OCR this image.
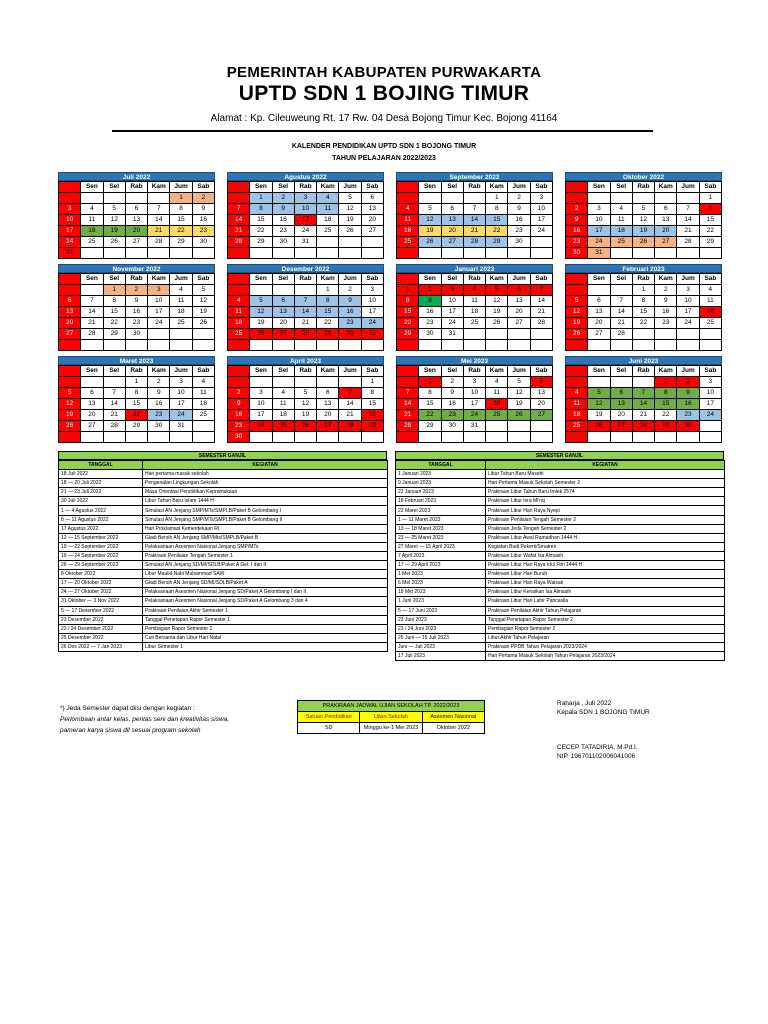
PEMERINTAH KABUPATEN PURWAKARTA
UPTD SDN 1 BOJING TIMUR
Alamat : Kp. Cileuweung Rt. 17 Rw. 04 Desa Bojong Timur Kec. Bojong 41164
KALENDER PENDIDIKAN UPTD SDN 1 BOJONG TIMUR
TAHUN PELAJARAN 2022/2023
Juli 2022
Min	Sen	Sel	Rab	Kam	Jum	Sab
					1	2
3	4	5	6	7	8	9
10	11	12	13	14	15	16
17	18	19	20	21	22	23
24	25	26	27	28	29	30
31						
Agustus 2022
Min	Sen	Sel	Rab	Kam	Jum	Sab
	1	2	3	4	5	6
7	8	9	10	11	12	13
14	15	16	17	18	19	20
21	22	23	24	25	26	27
28	29	30	31			

September 2022
Min	Sen	Sel	Rab	Kam	Jum	Sab
				1	2	3
4	5	6	7	8	9	10
11	12	13	14	15	16	17
18	19	20	21	22	23	24
25	26	27	28	29	30	

Oktober 2022
Min	Sen	Sel	Rab	Kam	Jum	Sab
						1
2	3	4	5	6	7	8
9	10	11	12	13	14	15
16	17	18	19	20	21	22
23	24	25	26	27	28	29
30	31					
November 2022
Min	Sen	Sel	Rab	Kam	Jum	Sab
		1	2	3	4	5
6	7	8	9	10	11	12
13	14	15	16	17	18	19
20	21	22	23	24	25	26
27	28	29	30			

Desember 2022
Min	Sen	Sel	Rab	Kam	Jum	Sab
				1	2	3
4	5	6	7	8	9	10
11	12	13	14	15	16	17
18	19	20	21	22	23	24
25	26	27	28	29	30	31

Januari 2023
Min	Sen	Sel	Rab	Kam	Jum	Sab
1	2	3	4	5	6	7
8	9	10	11	12	13	14
15	16	17	18	19	20	21
22	23	24	25	26	27	28
29	30	31				

Februari 2023
Min	Sen	Sel	Rab	Kam	Jum	Sab
			1	2	3	4
5	6	7	8	9	10	11
12	13	14	15	16	17	18
19	20	21	22	23	24	25
26	27	28				

Maret 2023
Min	Sen	Sel	Rab	Kam	Jum	Sab
			1	2	3	4
5	6	7	8	9	10	11
12	13	14	15	16	17	18
19	20	21	22	23	24	25
26	27	28	29	30	31	

April 2023
Min	Sen	Sel	Rab	Kam	Jum	Sab
						1
2	3	4	5	6	7	8
9	10	11	12	13	14	15
16	17	18	19	20	21	22
23	24	25	26	27	28	29
30						
Mei 2023
Min	Sen	Sel	Rab	Kam	Jum	Sab
	1	2	3	4	5	6
7	8	9	10	11	12	13
14	15	16	17	18	19	20
21	22	23	24	25	26	27
28	29	30	31			

Juni 2023
Min	Sen	Sel	Rab	Kam	Jum	Sab
				1	2	3
4	5	6	7	8	9	10
11	12	13	14	15	16	17
18	19	20	21	22	23	24
25	26	27	28	29	30	

SEMESTER GANJIL
TANGGAL	KEGIATAN
18 Juli 2022	Hari pertama masuk sekolah
18 — 20 Juli 2022	Pengenalan Lingkungan Sekolah
21 — 23 Juli 2022	Masa Orientasi Pendidikan Kepramukaan
30 Juli 2022	Libur Tahun Baru Islam 1444 H
1 — 4 Agustus 2022	Simulasi AN Jenjang SMP/MTs/SMPLB/Paket B Gelombang I
8 — 11 Agustus 2022	Simulasi AN Jenjang SMP/MTs/SMPLB/Paket B Gelombang II
17 Agustus 2022	Hari Proklamasi Kemerdekaan RI
12 — 15 September 2022	Gladi Bersih AN Jenjang SMP/Mts/SMPLB/Paket B
19 — 22 September 2022	Pelaksanaan Asesmen Nasional Jenjang SMP/MTs
19 — 24 September 2022	Prakiraan Penilaian Tengah Semester 1
26 — 29 September 2022	Simulasi AN Jenjang SD/MI/SDLB/Paket A Gel. I dan II
8 Oktober 2022	Libur Maulid Nabi Muhammad SAW
17 — 20 Oktober 2022	Gladi Bersih AN Jenjang SD/MI/SDLB/Paket A
24 — 27 Oktober 2022	Pelaksanaan Asesmen Nasional Jenjang SD/Paket A Gelombang I dan II
31 Oktober — 3 Nov 2022	Pelaksanaan Asesmen Nasional Jenjang SD/Paket A Gelombang 3 dan 4
5 — 17 Desember 2022	Prakiraan Penilaian Akhir Semester 1
23 Desember 2022	Tanggal Penetapan Rapor Semester 1
23 / 24 Desember 2022	Pembagian Rapor Semester 1
25 Desember 2022	Cuti Bersama dan Libur Hari Natal
26 Des 2022 — 7 Jan 2023	Libur Semester 1
SEMESTER GANJIL
TANGGAL	KEGIATAN
1 Januari 2023	Libur Tahun Baru Masehi
9 Januari 2023	Hari Pertama Masuk Sekolah Semester 2
22 Januari 2023	Prakiraan Libur Tahun Baru Imlek 2574
18 Februari 2023	Prakiraan Libur Isra Mi'raj
22 Maret 2023	Prakiraan Libur Hari Raya Nyepi
1 — 11 Maret 2023	Prakiraan Penilaian Tengah Semester 2
13 — 18 Maret 2023	Prakiraan Jeda Tengah Semester 2
23 — 25 Maret 2023	Prakiraan Libur Awal Ramadhan 1444 H.
27 Maret — 15 April 2023	Kegiatan Budi Pekerti/Smatren
7 April 2023	Prakiraan Libur Wafat Isa Almasih
17 — 29 April 2023	Prakiraan Libur Hari Raya Idul Fitri 1444 H
1 Mei 2023	Prakiraan Libur Hari Buruh
6 Mei 2023	Prakiraan Libur Hari Raya Waisak
18 Mei 2023	Prakiraan Libur Kenaikan Isa Almasih
1 Juni 2023	Prakiraan Libur Hari Lahir Pancasila
5 — 17 Juni 2023	Prakiraan Penilaian Akhir Tahun Pelajaran
23 Juni 2023	Tanggal Penetapan Rapor Semester 2
23 / 24 Juni 2023	Pembagian Rapor Semester 2
26 Juni — 15 Juli 2023	Libur Akhir Tahun Pelajaran
Juni — Juli 2023	Prakiraan PPDB Tahun Pelajaran 2023/2024
17 Juli 2023	Hari Pertama Masuk Sekolah Tahun Pelajaran 2023/2024
*) Jeda Semester dapat diisi dengan kegiatan :
Perlombaan antar kelas, pentas seni dan kreativitas siswa,
pameran karya siswa dll sesuai program sekolah
PRAKIRAAN JADWAL UJIAN SEKOLAH TP. 2022/2023		
Satuan Pendidikan	Ujian Sekolah	Asesmen Nasional
SD	Minggu ke-1 Mei 2023	Oktober 2022
Raharja , Juli 2022
Kepala SDN 1 BOJONG TIMUR
CECEP TATADIRIA, M.Pd.I.
NIP. 196701102006041006
